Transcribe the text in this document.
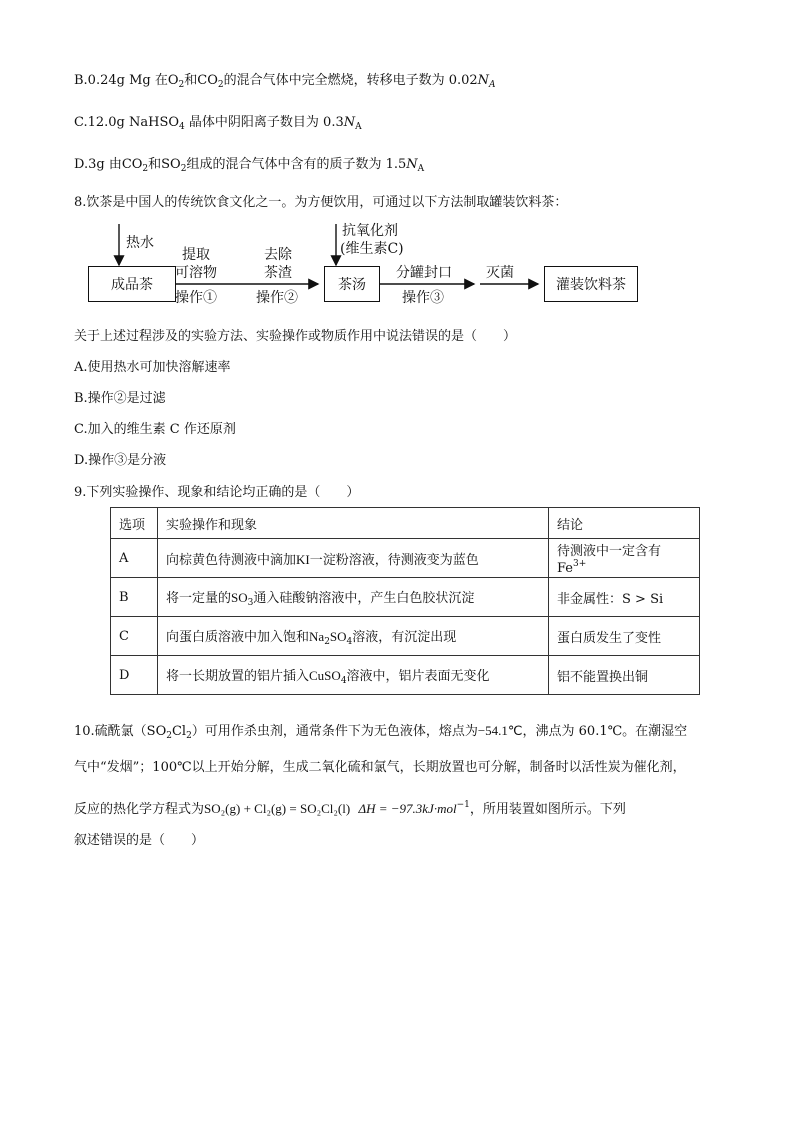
B.0.24g Mg 在$O_2$和$CO_2$的混合气体中完全燃烧，转移电子数为 $0.02N_A$
C.12.0g NaHSO$_4$ 晶体中阴阳离子数目为 $0.3N_A$
D.3g 由$CO_2$和$SO_2$组成的混合气体中含有的质子数为 $1.5N_A$
8.饮茶是中国人的传统饮食文化之一。为方便饮用，可通过以下方法制取罐装饮料茶：
成品茶	茶汤	灌装饮料茶
热水
抗氧化剂
(维生素C)
提取
可溶物
操作①
去除
茶渣
操作②
分罐封口
操作③
灭菌
关于上述过程涉及的实验方法、实验操作或物质作用中说法错误的是（　　）
A.使用热水可加快溶解速率
B.操作②是过滤
C.加入的维生素 C 作还原剂
D.操作③是分液
9.下列实验操作、现象和结论均正确的是（　　）
选项	实验操作和现象	结论
A	向棕黄色待测液中滴加KI一淀粉溶液，待测液变为蓝色	待测液中一定含有 $Fe^{3+}$
B	将一定量的$SO_3$通入硅酸钠溶液中，产生白色胶状沉淀	非金属性：S > Si
C	向蛋白质溶液中加入饱和$Na_2SO_4$溶液，有沉淀出现	蛋白质发生了变性
D	将一长期放置的铝片插入CuSO$_4$溶液中，铝片表面无变化	铝不能置换出铜
10.硫酰氯$(SO_2Cl_2)$可用作杀虫剂，通常条件下为无色液体，熔点为−54.1℃，沸点为 60.1℃。在潮湿空
气中“发烟”；100℃以上开始分解，生成二氧化硫和氯气，长期放置也可分解，制备时以活性炭为催化剂，
反应的热化学方程式为SO₂(g) + Cl₂(g) = SO₂Cl₂(l) ΔH = −97.3kJ·mol$^{-1}$，所用装置如图所示。下列
叙述错误的是（　　）
